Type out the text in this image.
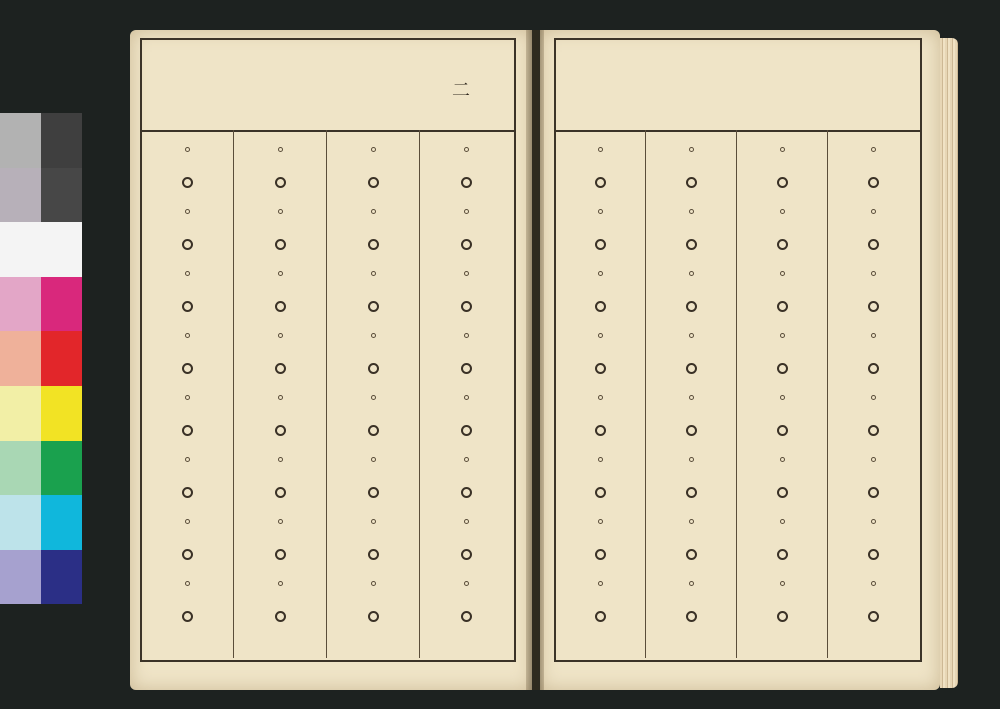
二
